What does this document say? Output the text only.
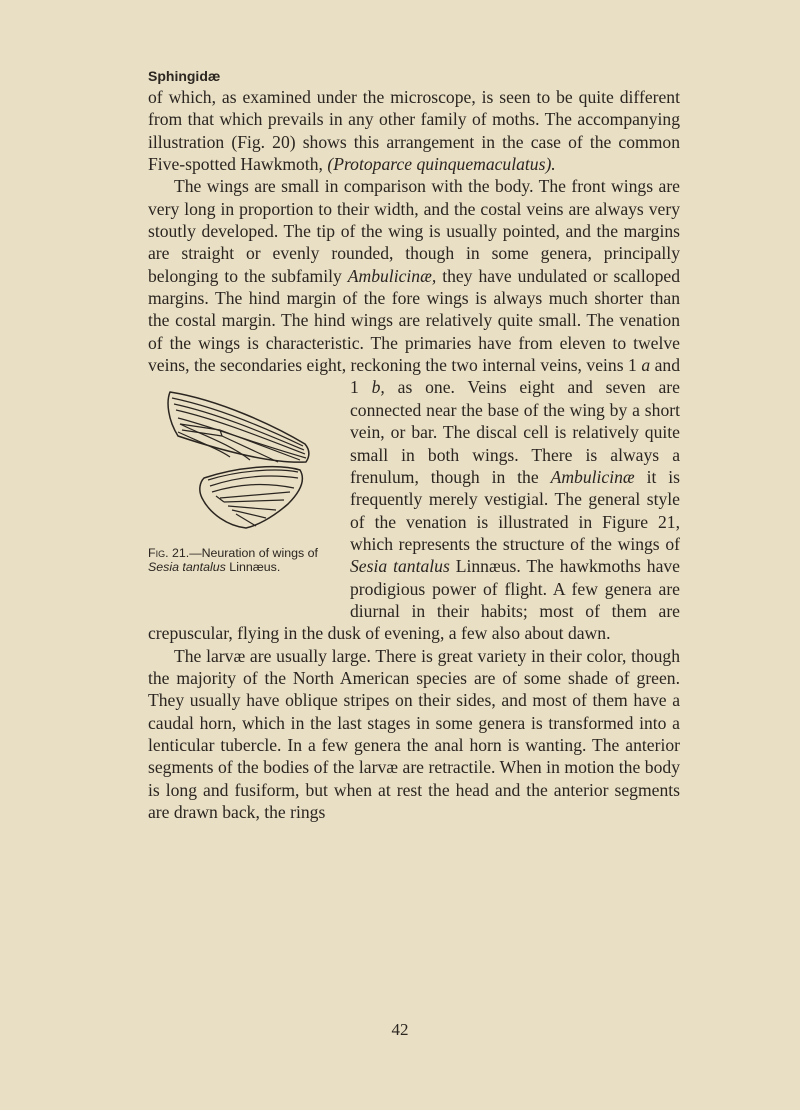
Sphingidæ

of which, as examined under the microscope, is seen to be quite different from that which prevails in any other family of moths. The accompanying illustration (Fig. 20) shows this arrangement in the case of the common Five-spotted Hawkmoth, (Protoparce quinquemaculatus).

The wings are small in comparison with the body. The front wings are very long in proportion to their width, and the costal veins are always very stoutly developed. The tip of the wing is usually pointed, and the margins are straight or evenly rounded, though in some genera, principally belonging to the subfamily Ambulicinæ, they have undulated or scalloped margins. The hind margin of the fore wings is always much shorter than the costal margin. The hind wings are relatively quite small. The venation of the wings is characteristic. The primaries have from eleven to twelve veins, the secondaries eight, reckoning the two internal veins, veins 1 a and 1 b,
Fig. 21.—Neuration of wings of Sesia tantalus Linnæus.
as one. Veins eight and seven are connected near the base of the wing by a short vein, or bar. The discal cell is relatively quite small in both wings. There is always a frenulum, though in the Ambulicinæ it is frequently merely vestigial. The general style of the venation is illustrated in Figure 21, which represents the structure of the wings of Sesia tantalus Linnæus. The hawkmoths have prodigious power of flight. A few genera are diurnal in their habits; most of them are crepuscular, flying in the dusk of evening, a few also about dawn.

The larvæ are usually large. There is great variety in their color, though the majority of the North American species are of some shade of green. They usually have oblique stripes on their sides, and most of them have a caudal horn, which in the last stages in some genera is transformed into a lenticular tubercle. In a few genera the anal horn is wanting. The anterior segments of the bodies of the larvæ are retractile. When in motion the body is long and fusiform, but when at rest the head and the anterior segments are drawn back, the rings

42
